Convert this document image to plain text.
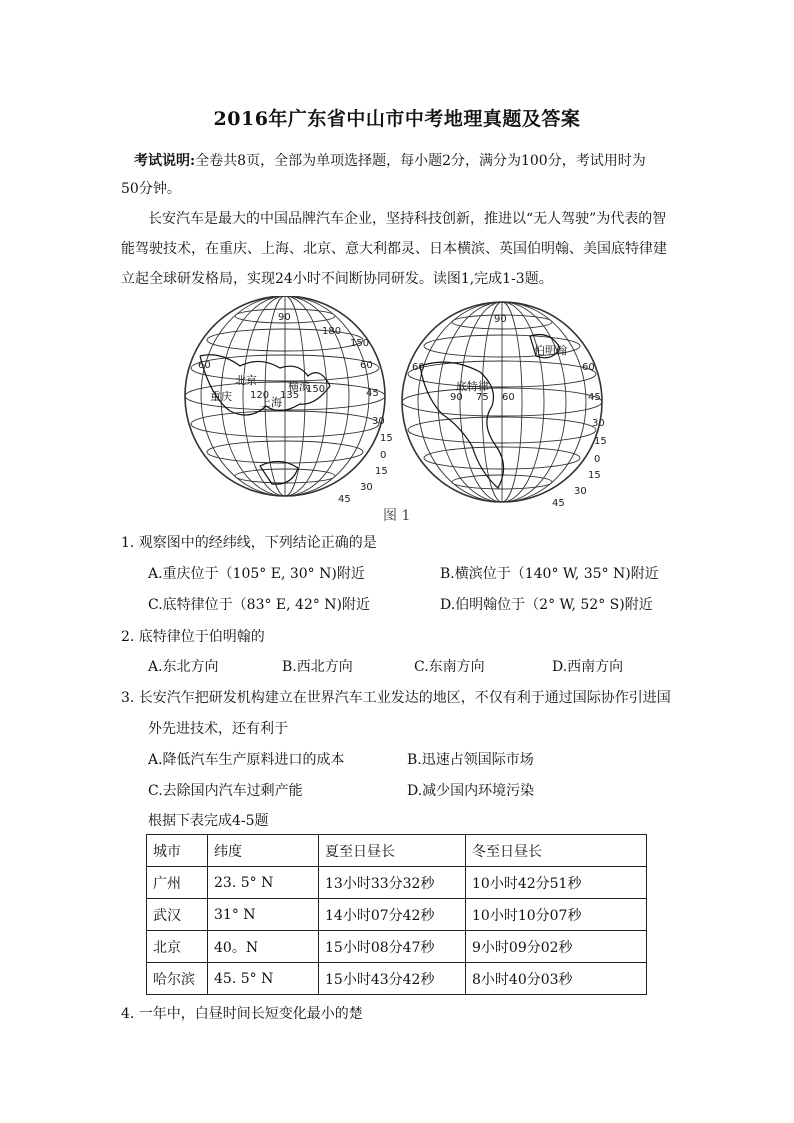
2016年广东省中山市中考地理真题及答案
考试说明:全卷共8页，全部为单项选择题，每小题2分，满分为100分，考试用时为
50分钟。
长安汽车是最大的中国品牌汽车企业，坚持科技创新，推进以“无人驾驶”为代表的智
能驾驶技术，在重庆、上海、北京、意大利都灵、日本横滨、英国伯明翰、美国底特律建
立起全球研发格局，实现24小时不间断协同研发。读图1,完成1-3题。
90
60	60
45
30
15
0
15
30
45
120 135
150
150
180
北京	横滨
重庆	上海
90
60	60
45
30
15
0
15
30
45
90 75 60
伯明翰
底特律
图 1
1. 观察图中的经纬线，下列结论正确的是
A.重庆位于（105° E, 30° N)附近	B.横滨位于（140° W, 35° N)附近
C.底特律位于（83° E, 42° N)附近	D.伯明翰位于（2° W, 52° S)附近
2. 底特律位于伯明翰的
A.东北方向	B.西北方向	C.东南方向	D.西南方向
3. 长安汽乍把研发机构建立在世界汽车工业发达的地区，不仅有利于通过国际协作引进国
外先进技术，还有利于
A.降低汽车生产原料进口的成本	B.迅速占领国际市场
C.去除国内汽车过剩产能	D.减少国内环境污染
根据下表完成4-5题
城市	纬度	夏至日昼长	冬至日昼长
广州	23. 5° N	13小时33分32秒	10小时42分51秒
武汉	31° N	14小时07分42秒	10小时10分07秒
北京	40。N	15小时08分47秒	9小时09分02秒
哈尔滨	45. 5° N	15小时43分42秒	8小时40分03秒
4. 一年中，白昼时间长短变化最小的楚
